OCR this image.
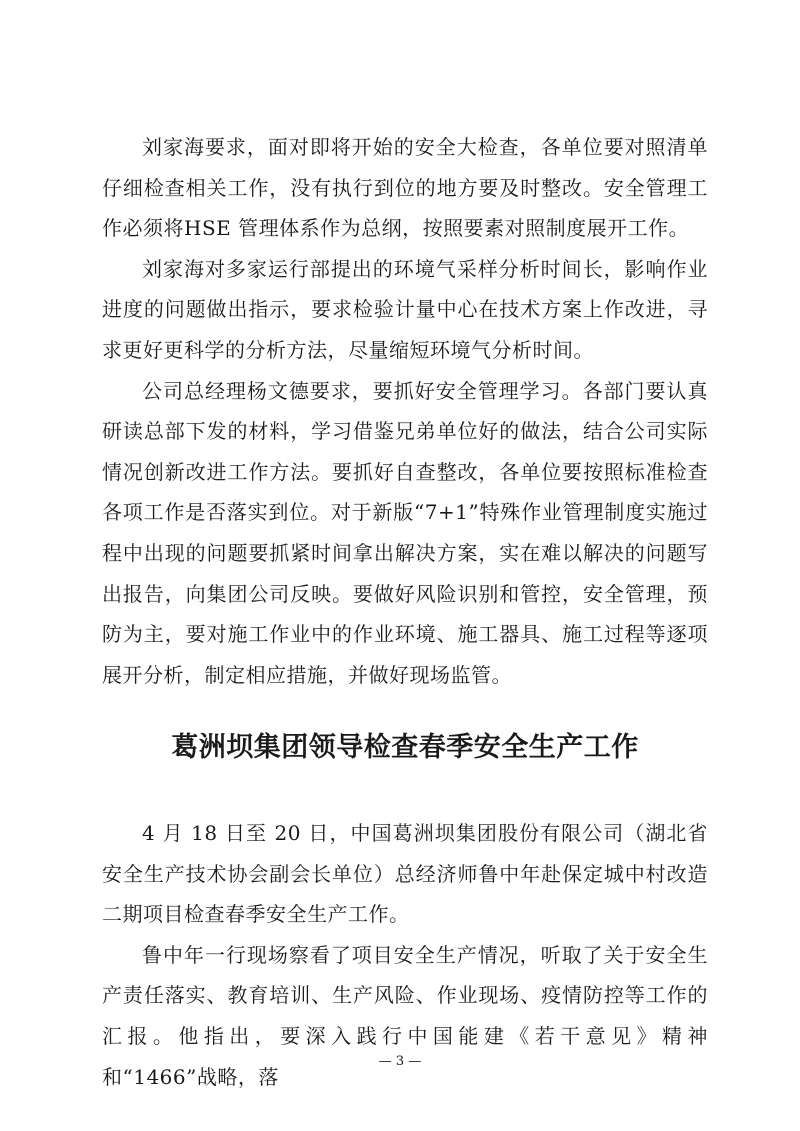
刘家海要求，面对即将开始的安全大检查，各单位要对照清单仔细检查相关工作，没有执行到位的地方要及时整改。安全管理工作必须将HSE 管理体系作为总纲，按照要素对照制度展开工作。

刘家海对多家运行部提出的环境气采样分析时间长，影响作业进度的问题做出指示，要求检验计量中心在技术方案上作改进，寻求更好更科学的分析方法，尽量缩短环境气分析时间。

公司总经理杨文德要求，要抓好安全管理学习。各部门要认真研读总部下发的材料，学习借鉴兄弟单位好的做法，结合公司实际情况创新改进工作方法。要抓好自查整改，各单位要按照标准检查各项工作是否落实到位。对于新版“7+1”特殊作业管理制度实施过程中出现的问题要抓紧时间拿出解决方案，实在难以解决的问题写出报告，向集团公司反映。要做好风险识别和管控，安全管理，预防为主，要对施工作业中的作业环境、施工器具、施工过程等逐项展开分析，制定相应措施，并做好现场监管。

葛洲坝集团领导检查春季安全生产工作

4 月 18 日至 20 日，中国葛洲坝集团股份有限公司（湖北省安全生产技术协会副会长单位）总经济师鲁中年赴保定城中村改造二期项目检查春季安全生产工作。

鲁中年一行现场察看了项目安全生产情况，听取了关于安全生产责任落实、教育培训、生产风险、作业现场、疫情防控等工作的汇报。他指出，要深入践行中国能建《若干意见》精神和“1466”战略，落

— 3 —
